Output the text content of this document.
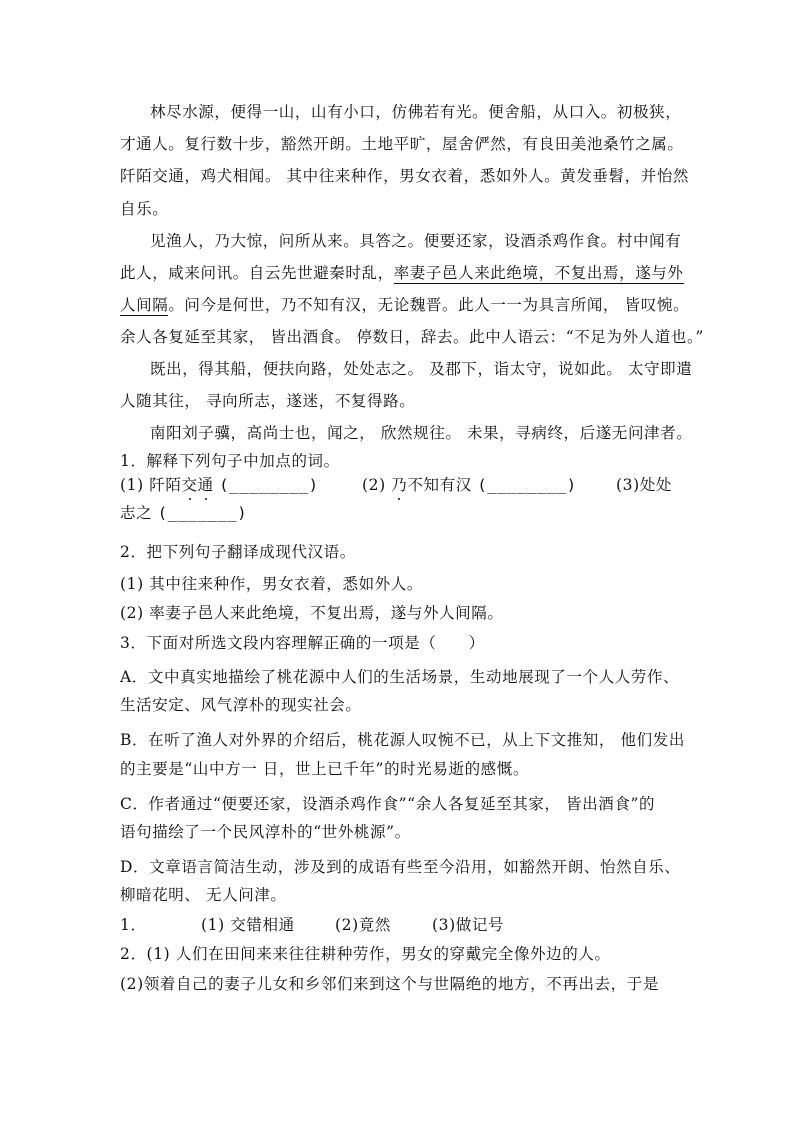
林尽水源，便得一山，山有小口，仿佛若有光。便舍船，从口入。初极狭，
才通人。复行数十步，豁然开朗。土地平旷，屋舍俨然，有良田美池桑竹之属。
阡陌交通，鸡犬相闻。 其中往来种作，男女衣着，悉如外人。黄发垂髫，并怡然
自乐。
见渔人，乃大惊，问所从来。具答之。便要还家，设酒杀鸡作食。村中闻有
此人，咸来问讯。自云先世避秦时乱，率妻子邑人来此绝境，不复出焉，遂与外
人间隔。问今是何世，乃不知有汉，无论魏晋。此人一一为具言所闻， 皆叹惋。
余人各复延至其家， 皆出酒食。 停数日，辞去。此中人语云：“不足为外人道也。”
既出，得其船，便扶向路，处处志之。 及郡下，诣太守，说如此。 太守即遣
人随其往， 寻向所志，遂迷，不复得路。
南阳刘子骥，高尚士也，闻之， 欣然规往。 未果，寻病终，后遂无问津者。
1．解释下列句子中加点的词。
(1) 阡陌交通 (________)	(2) 乃不知有汉 (________)	(3)处处
志之 (_______)
2．把下列句子翻译成现代汉语。
(1) 其中往来种作，男女衣着，悉如外人。
(2) 率妻子邑人来此绝境，不复出焉，遂与外人间隔。
3．下面对所选文段内容理解正确的一项是（　　）
A．文中真实地描绘了桃花源中人们的生活场景，生动地展现了一个人人劳作、
生活安定、风气淳朴的现实社会。
B．在听了渔人对外界的介绍后，桃花源人叹惋不已，从上下文推知， 他们发出
的主要是“山中方一 日，世上已千年”的时光易逝的感慨。
C．作者通过“便要还家，设酒杀鸡作食”“余人各复延至其家， 皆出酒食”的
语句描绘了一个民风淳朴的“世外桃源”。
D．文章语言简洁生动，涉及到的成语有些至今沿用，如豁然开朗、怡然自乐、
柳暗花明、 无人问津。
1．	(1) 交错相通	(2)竟然	(3)做记号
2．(1) 人们在田间来来往往耕种劳作，男女的穿戴完全像外边的人。
(2)领着自己的妻子儿女和乡邻们来到这个与世隔绝的地方，不再出去，于是
